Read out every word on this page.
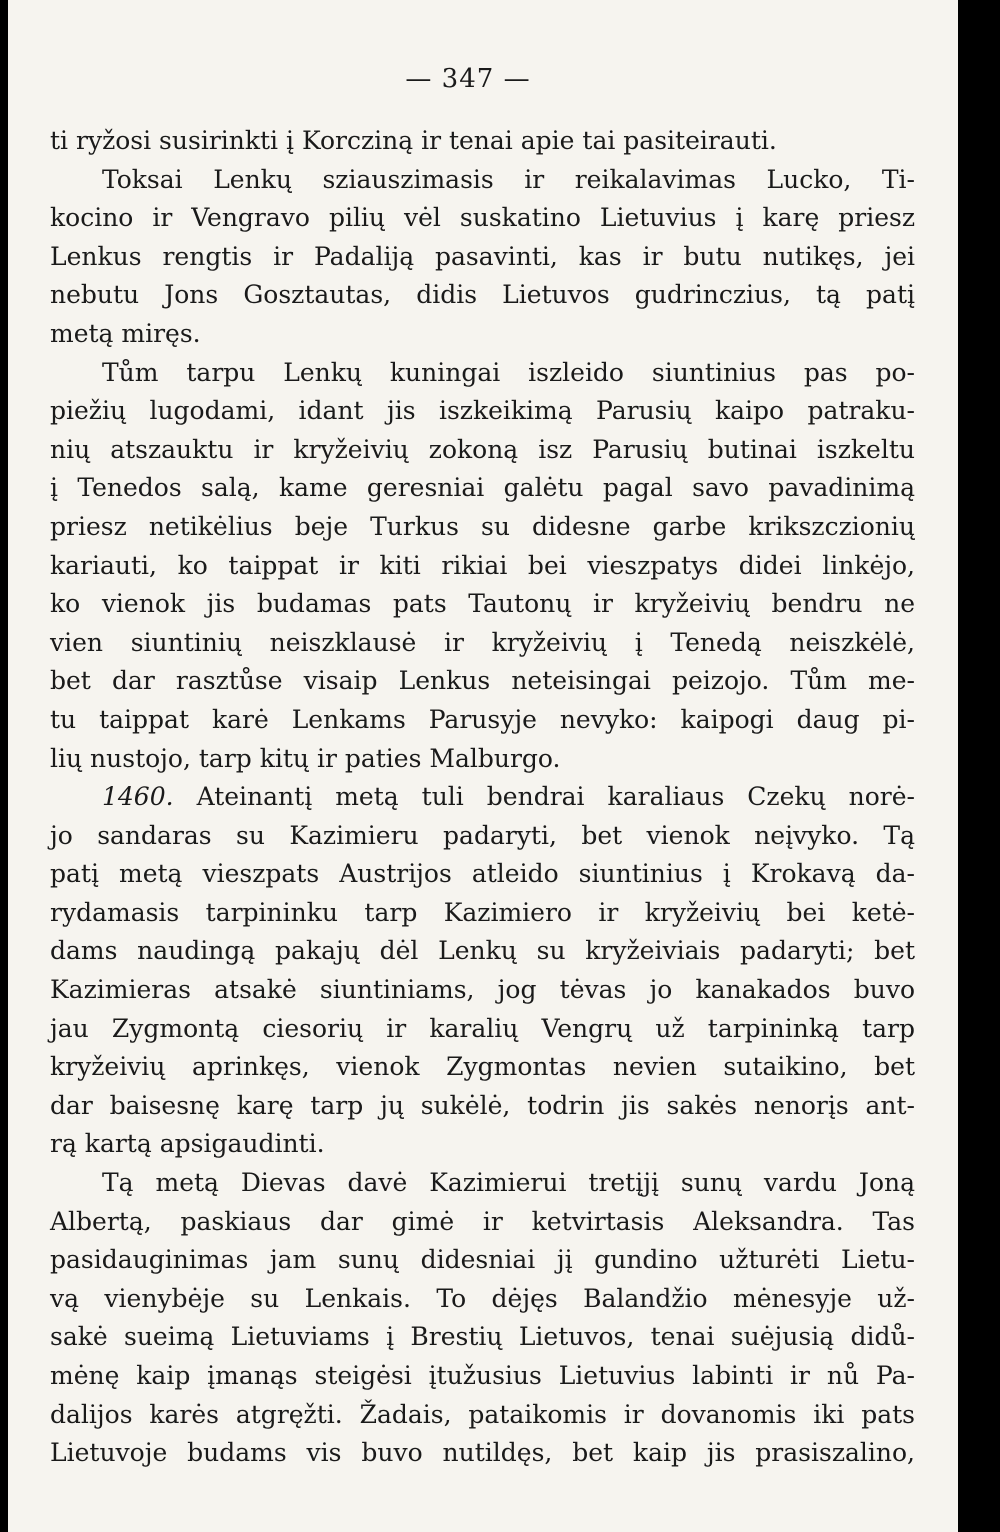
— 347 —
ti ryžosi susirinkti į Korcziną ir tenai apie tai pasiteirauti.
Toksai Lenkų sziauszimasis ir reikalavimas Lucko, Ti-
kocino ir Vengravo pilių vėl suskatino Lietuvius į karę priesz
Lenkus rengtis ir Padaliją pasavinti, kas ir butu nutikęs, jei
nebutu Jons Gosztautas, didis Lietuvos gudrinczius, tą patį
metą miręs.
Tům tarpu Lenkų kuningai iszleido siuntinius pas po-
piežių lugodami, idant jis iszkeikimą Parusių kaipo patraku-
nių atszauktu ir kryžeivių zokoną isz Parusių butinai iszkeltu
į Tenedos salą, kame geresniai galėtu pagal savo pavadinimą
priesz netikėlius beje Turkus su didesne garbe krikszczionių
kariauti, ko taippat ir kiti rikiai bei vieszpatys didei linkėjo,
ko vienok jis budamas pats Tautonų ir kryžeivių bendru ne
vien siuntinių neiszklausė ir kryžeivių į Tenedą neiszkėlė,
bet dar rasztůse visaip Lenkus neteisingai peizojo. Tům me-
tu taippat karė Lenkams Parusyje nevyko: kaipogi daug pi-
lių nustojo, tarp kitų ir paties Malburgo.
1460. Ateinantį metą tuli bendrai karaliaus Czekų norė-
jo sandaras su Kazimieru padaryti, bet vienok neįvyko. Tą
patį metą vieszpats Austrijos atleido siuntinius į Krokavą da-
rydamasis tarpininku tarp Kazimiero ir kryžeivių bei ketė-
dams naudingą pakajų dėl Lenkų su kryžeiviais padaryti; bet
Kazimieras atsakė siuntiniams, jog tėvas jo kanakados buvo
jau Zygmontą ciesorių ir karalių Vengrų už tarpininką tarp
kryžeivių aprinkęs, vienok Zygmontas nevien sutaikino, bet
dar baisesnę karę tarp jų sukėlė, todrin jis sakės nenorįs ant-
rą kartą apsigaudinti.
Tą metą Dievas davė Kazimierui tretįjį sunų vardu Joną
Albertą, paskiaus dar gimė ir ketvirtasis Aleksandra. Tas
pasidauginimas jam sunų didesniai jį gundino užturėti Lietu-
vą vienybėje su Lenkais. To dėjęs Balandžio mėnesyje už-
sakė sueimą Lietuviams į Brestių Lietuvos, tenai suėjusią didů-
mėnę kaip įmanąs steigėsi įtužusius Lietuvius labinti ir nů Pa-
dalijos karės atgręžti. Žadais, pataikomis ir dovanomis iki pats
Lietuvoje budams vis buvo nutildęs, bet kaip jis prasiszalino,
